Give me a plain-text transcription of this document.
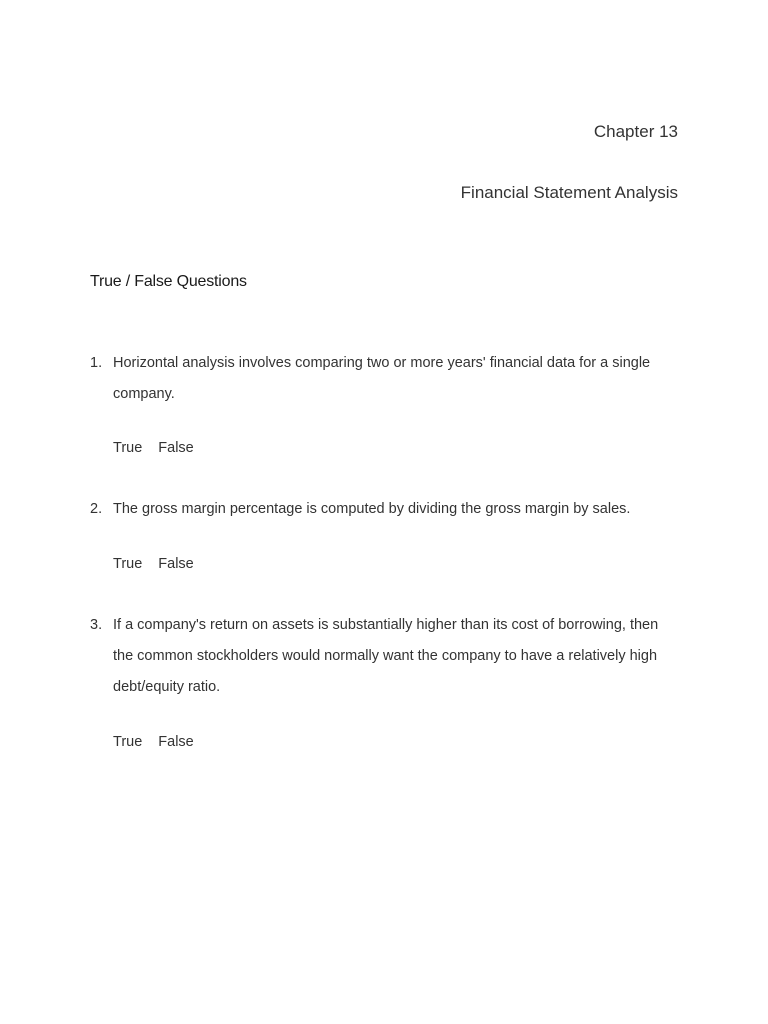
Chapter 13
Financial Statement Analysis
True / False Questions
1. Horizontal analysis involves comparing two or more years' financial data for a single company.
True False
2. The gross margin percentage is computed by dividing the gross margin by sales.
True False
3. If a company's return on assets is substantially higher than its cost of borrowing, then the common stockholders would normally want the company to have a relatively high debt/equity ratio.
True False
